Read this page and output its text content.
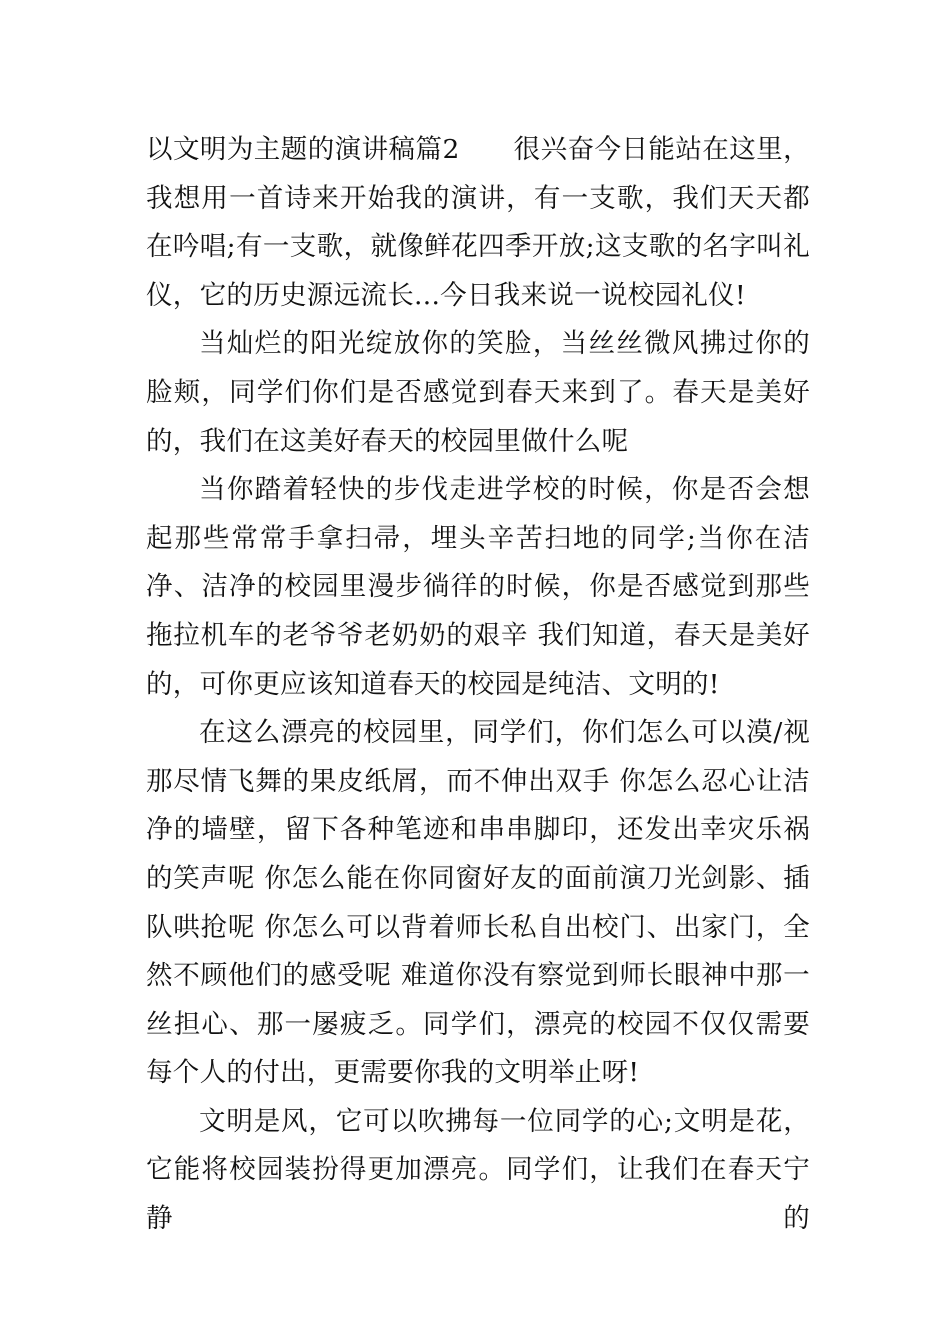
以文明为主题的演讲稿篇2　　很兴奋今日能站在这里，我想用一首诗来开始我的演讲，有一支歌，我们天天都在吟唱;有一支歌，就像鲜花四季开放;这支歌的名字叫礼仪，它的历史源远流长...今日我来说一说校园礼仪!

当灿烂的阳光绽放你的笑脸，当丝丝微风拂过你的脸颊，同学们你们是否感觉到春天来到了。春天是美好的，我们在这美好春天的校园里做什么呢

当你踏着轻快的步伐走进学校的时候，你是否会想起那些常常手拿扫帚，埋头辛苦扫地的同学;当你在洁净、洁净的校园里漫步徜徉的时候，你是否感觉到那些拖拉机车的老爷爷老奶奶的艰辛 我们知道，春天是美好的，可你更应该知道春天的校园是纯洁、文明的!

在这么漂亮的校园里，同学们，你们怎么可以漠/视那尽情飞舞的果皮纸屑，而不伸出双手 你怎么忍心让洁净的墙壁，留下各种笔迹和串串脚印，还发出幸灾乐祸的笑声呢 你怎么能在你同窗好友的面前演刀光剑影、插队哄抢呢 你怎么可以背着师长私自出校门、出家门，全然不顾他们的感受呢 难道你没有察觉到师长眼神中那一丝担心、那一屡疲乏。同学们，漂亮的校园不仅仅需要每个人的付出，更需要你我的文明举止呀!

文明是风，它可以吹拂每一位同学的心;文明是花，它能将校园装扮得更加漂亮。同学们，让我们在春天宁静的
